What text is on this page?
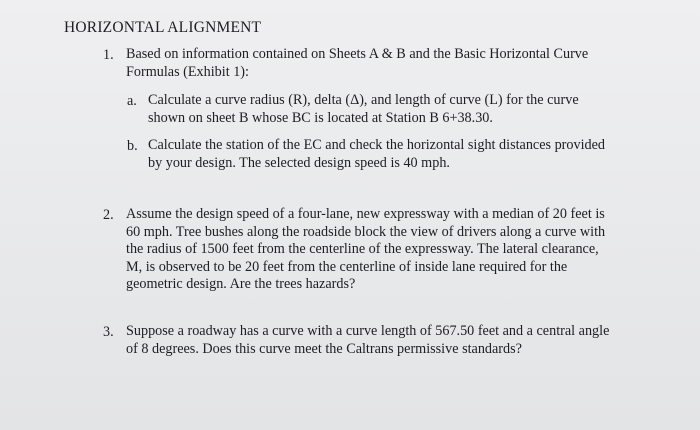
HORIZONTAL ALIGNMENT
1. Based on information contained on Sheets A & B and the Basic Horizontal Curve Formulas (Exhibit 1):
a. Calculate a curve radius (R), delta (Δ), and length of curve (L) for the curve shown on sheet B whose BC is located at Station B 6+38.30.
b. Calculate the station of the EC and check the horizontal sight distances provided by your design. The selected design speed is 40 mph.
2. Assume the design speed of a four-lane, new expressway with a median of 20 feet is 60 mph. Tree bushes along the roadside block the view of drivers along a curve with the radius of 1500 feet from the centerline of the expressway. The lateral clearance, M, is observed to be 20 feet from the centerline of inside lane required for the geometric design. Are the trees hazards?
3. Suppose a roadway has a curve with a curve length of 567.50 feet and a central angle of 8 degrees. Does this curve meet the Caltrans permissive standards?
